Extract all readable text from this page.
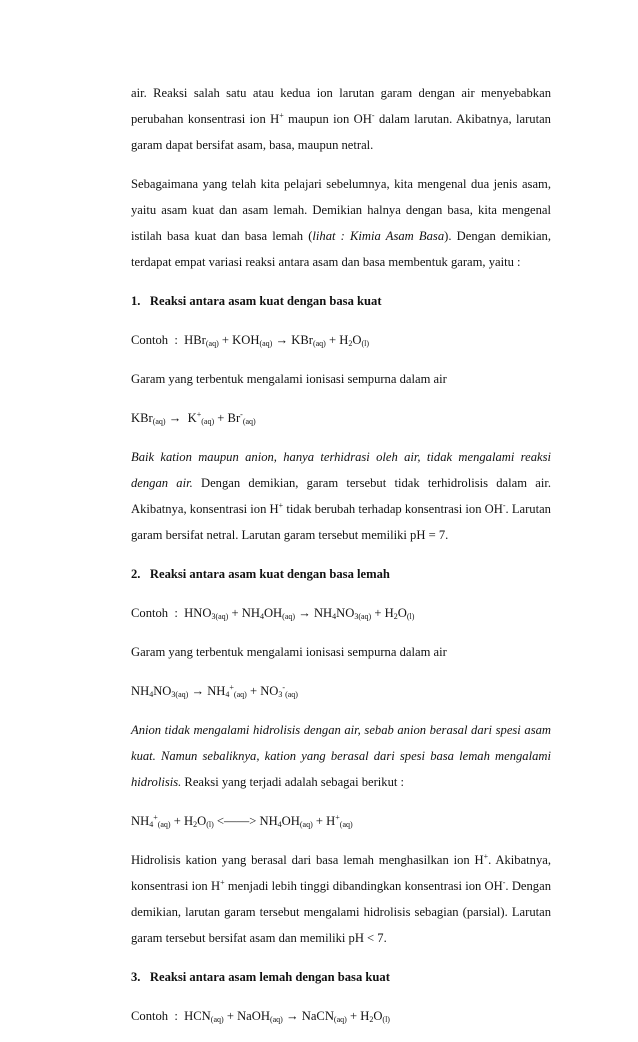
air. Reaksi salah satu atau kedua ion larutan garam dengan air menyebabkan perubahan konsentrasi ion H+ maupun ion OH- dalam larutan. Akibatnya, larutan garam dapat bersifat asam, basa, maupun netral.

Sebagaimana yang telah kita pelajari sebelumnya, kita mengenal dua jenis asam, yaitu asam kuat dan asam lemah. Demikian halnya dengan basa, kita mengenal istilah basa kuat dan basa lemah (lihat : Kimia Asam Basa). Dengan demikian, terdapat empat variasi reaksi antara asam dan basa membentuk garam, yaitu :

1.   Reaksi antara asam kuat dengan basa kuat

Contoh  :  $HBr_{(aq)} + KOH_{(aq)} \to KBr_{(aq)} + H_2O_{(l)}$

Garam yang terbentuk mengalami ionisasi sempurna dalam air

$KBr_{(aq)} \to K^+_{(aq)} + Br^-_{(aq)}$

Baik kation maupun anion, hanya terhidrasi oleh air, tidak mengalami reaksi dengan air. Dengan demikian, garam tersebut tidak terhidrolisis dalam air. Akibatnya, konsentrasi ion H+ tidak berubah terhadap konsentrasi ion OH-. Larutan garam bersifat netral. Larutan garam tersebut memiliki pH = 7.

2.   Reaksi antara asam kuat dengan basa lemah

Contoh  :  $HNO_{3(aq)} + NH_4OH_{(aq)} \to NH_4NO_{3(aq)} + H_2O_{(l)}$

Garam yang terbentuk mengalami ionisasi sempurna dalam air

$NH_4NO_{3(aq)} \to NH_4^+_{(aq)} + NO_3^-_{(aq)}$

Anion tidak mengalami hidrolisis dengan air, sebab anion berasal dari spesi asam kuat. Namun sebaliknya, kation yang berasal dari spesi basa lemah mengalami hidrolisis. Reaksi yang terjadi adalah sebagai berikut :

$NH_4^+_{(aq)} + H_2O_{(l)}$ <——> $NH_4OH_{(aq)} + H^+_{(aq)}$

Hidrolisis kation yang berasal dari basa lemah menghasilkan ion H+. Akibatnya, konsentrasi ion H+ menjadi lebih tinggi dibandingkan konsentrasi ion OH-. Dengan demikian, larutan garam tersebut mengalami hidrolisis sebagian (parsial). Larutan garam tersebut bersifat asam dan memiliki pH < 7.

3.   Reaksi antara asam lemah dengan basa kuat

Contoh  :  $HCN_{(aq)}$ + NaOH$_{(aq)}$ → NaCN$_{(aq)}$ + $H_2O_{(l)}$
